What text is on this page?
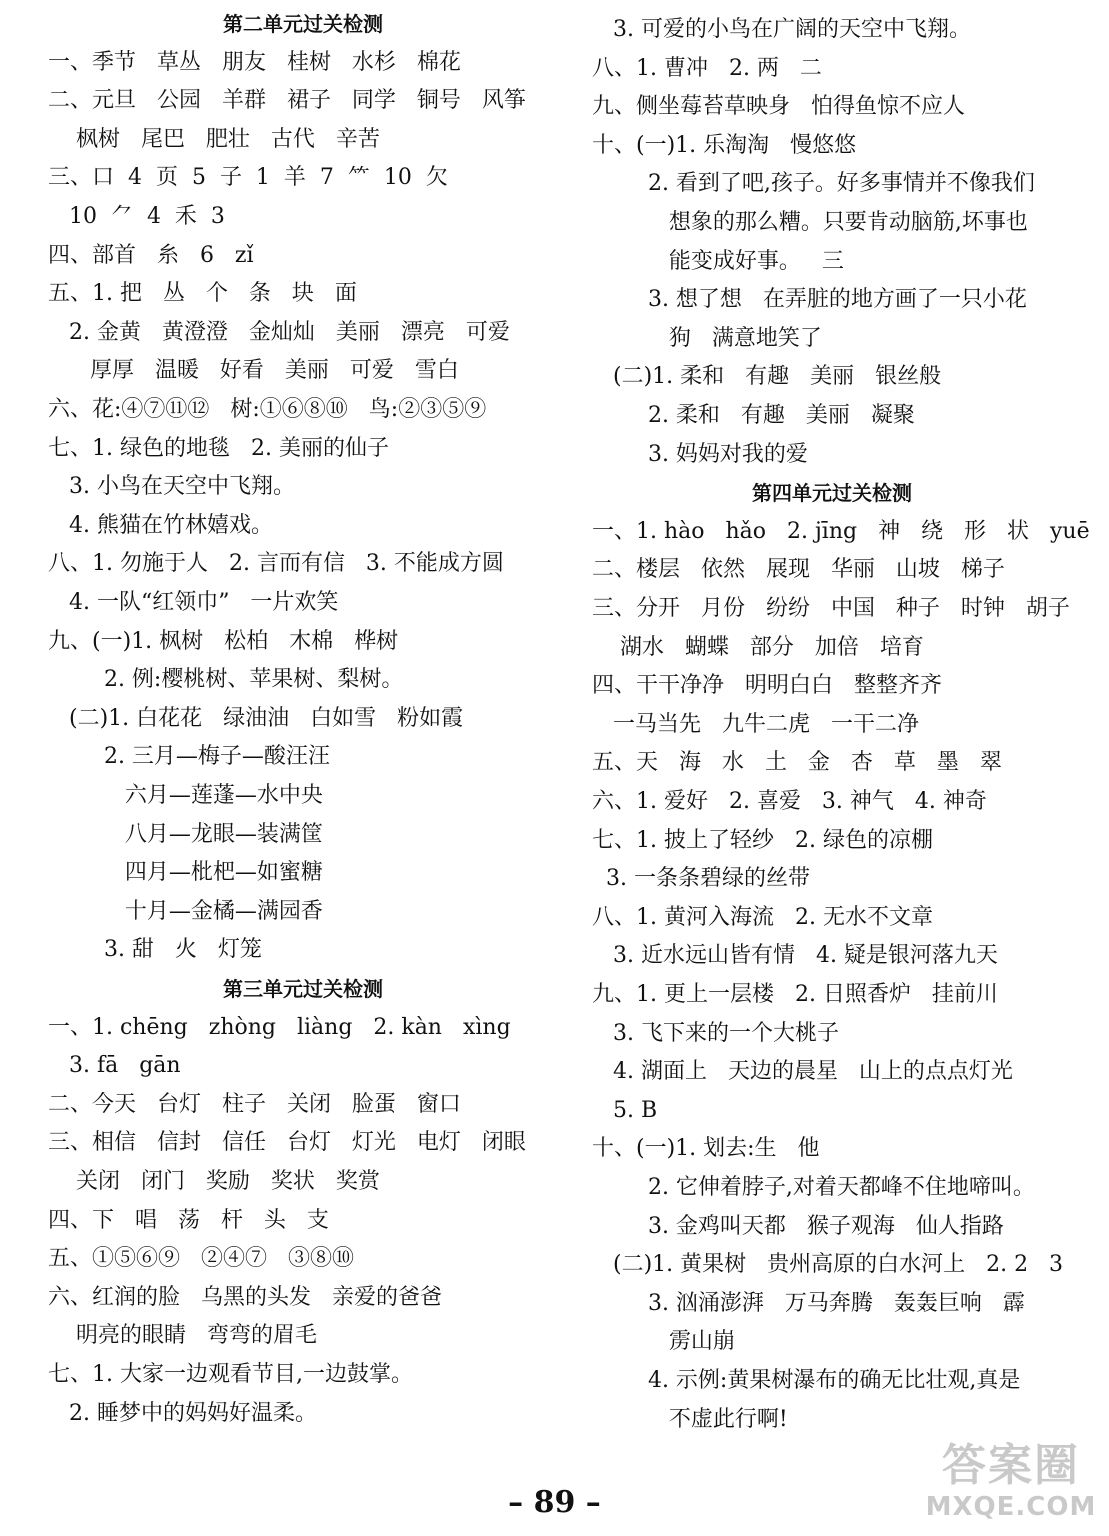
第二单元过关检测
一、季节   草丛   朋友   桂树   水杉   棉花
二、元旦   公园   羊群   裙子   同学   铜号   风筝
枫树   尾巴   肥壮   古代   辛苦
三、口  4  页  5  子  1  羊  7  ⺮  10  欠
10  ⺈  4  禾  3
四、部首   糸   6   zǐ
五、1. 把   丛   个   条   块   面
2. 金黄   黄澄澄   金灿灿   美丽   漂亮   可爱
厚厚   温暖   好看   美丽   可爱   雪白
六、花:④⑦⑪⑫   树:①⑥⑧⑩   鸟:②③⑤⑨
七、1. 绿色的地毯   2. 美丽的仙子
3. 小鸟在天空中飞翔。
4. 熊猫在竹林嬉戏。
八、1. 勿施于人   2. 言而有信   3. 不能成方圆
4. 一队“红领巾”   一片欢笑
九、(一)1. 枫树   松柏   木棉   桦树
2. 例:樱桃树、苹果树、梨树。
(二)1. 白花花   绿油油   白如雪   粉如霞
2. 三月—梅子—酸汪汪
六月—莲蓬—水中央
八月—龙眼—装满筐
四月—枇杷—如蜜糖
十月—金橘—满园香
3. 甜   火   灯笼
第三单元过关检测
一、1. chēng   zhòng   liàng   2. kàn   xìng
3. fā   gān
二、今天   台灯   柱子   关闭   脸蛋   窗口
三、相信   信封   信任   台灯   灯光   电灯   闭眼
关闭   闭门   奖励   奖状   奖赏
四、下   唱   荡   杆   头   支
五、①⑤⑥⑨   ②④⑦   ③⑧⑩
六、红润的脸   乌黑的头发   亲爱的爸爸
明亮的眼睛   弯弯的眉毛
七、1. 大家一边观看节目,一边鼓掌。
2. 睡梦中的妈妈好温柔。
3. 可爱的小鸟在广阔的天空中飞翔。
八、1. 曹冲   2. 两   二
九、侧坐莓苔草映身   怕得鱼惊不应人
十、(一)1. 乐淘淘   慢悠悠
2. 看到了吧,孩子。好多事情并不像我们
想象的那么糟。只要肯动脑筋,坏事也
能变成好事。   三
3. 想了想   在弄脏的地方画了一只小花
狗   满意地笑了
(二)1. 柔和   有趣   美丽   银丝般
2. 柔和   有趣   美丽   凝聚
3. 妈妈对我的爱
第四单元过关检测
一、1. hào   hǎo   2. jīng   神   绕   形   状   yuē
二、楼层   依然   展现   华丽   山坡   梯子
三、分开   月份   纷纷   中国   种子   时钟   胡子
湖水   蝴蝶   部分   加倍   培育
四、干干净净   明明白白   整整齐齐
一马当先   九牛二虎   一干二净
五、天   海   水   土   金   杏   草   墨   翠
六、1. 爱好   2. 喜爱   3. 神气   4. 神奇
七、1. 披上了轻纱   2. 绿色的凉棚
3. 一条条碧绿的丝带
八、1. 黄河入海流   2. 无水不文章
3. 近水远山皆有情   4. 疑是银河落九天
九、1. 更上一层楼   2. 日照香炉   挂前川
3. 飞下来的一个大桃子
4. 湖面上   天边的晨星   山上的点点灯光
5. B
十、(一)1. 划去:生   他
2. 它伸着脖子,对着天都峰不住地啼叫。
3. 金鸡叫天都   猴子观海   仙人指路
(二)1. 黄果树   贵州高原的白水河上   2. 2   3
3. 汹涌澎湃   万马奔腾   轰轰巨响   霹
雳山崩
4. 示例:黄果树瀑布的确无比壮观,真是
不虚此行啊!
– 89 –
答案圈
MXQE.COM
